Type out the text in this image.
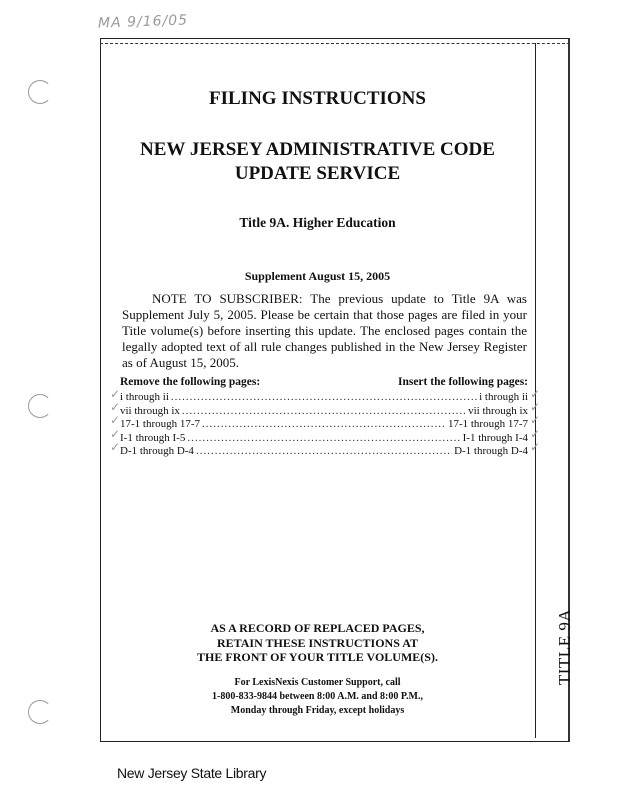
MA 9/16/05
TITLE 9A
FILING INSTRUCTIONS
NEW JERSEY ADMINISTRATIVE CODE
UPDATE SERVICE
Title 9A. Higher Education
Supplement August 15, 2005
NOTE TO SUBSCRIBER: The previous update to Title 9A was Supplement July 5, 2005. Please be certain that those pages are filed in your Title volume(s) before inserting this update. The enclosed pages contain the legally adopted text of all rule changes published in the New Jersey Register as of August 15, 2005.
Remove the following pages:	Insert the following pages:
i through ii .....	i through ii
vii through ix .....	vii through ix
17-1 through 17-7 .....	17-1 through 17-7
I-1 through I-5 .....	I-1 through I-4
D-1 through D-4 .....	D-1 through D-4
✓
✓
✓
✓
✓
✓
✓
✓
✓
✓
AS A RECORD OF REPLACED PAGES,
RETAIN THESE INSTRUCTIONS AT
THE FRONT OF YOUR TITLE VOLUME(S).
For LexisNexis Customer Support, call
1-800-833-9844 between 8:00 A.M. and 8:00 P.M.,
Monday through Friday, except holidays
New Jersey State Library
